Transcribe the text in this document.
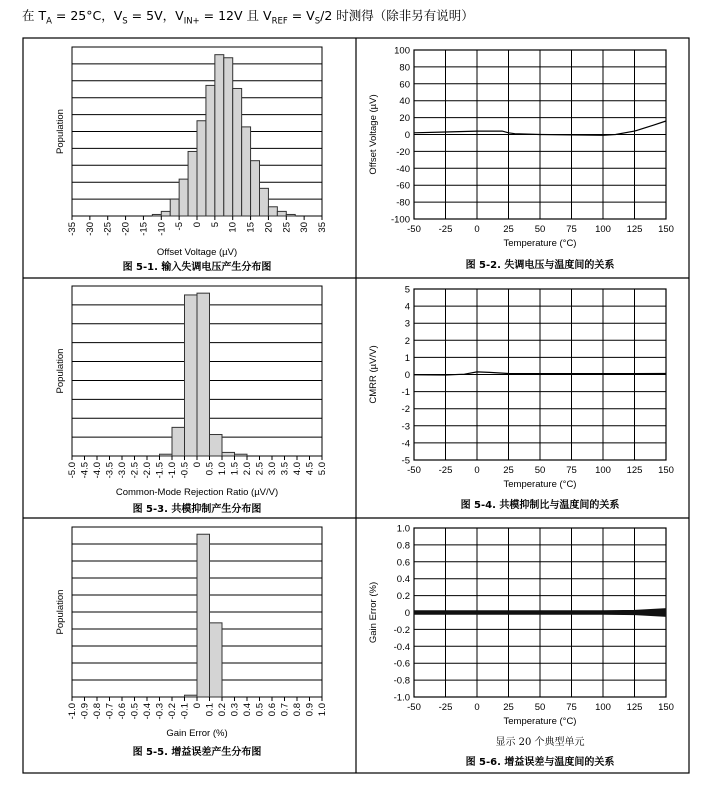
在 $T_A = 25^\circ C$，$V_S = 5V$，$V_{IN+} = 12V$ 且 $V_{REF} = V_S/2$ 时测得（除非另有说明）
-35 -30 -25 -20 -15 -10 -5 0 5 10 15 20 25 30 35
Offset Voltage (µV)
Population
图 5-1. 输入失调电压产生分布图
-50 -25 0 25 50 75 100 125 150
100
80
60
40
20
0
-20
-40
-60
-80
-100
Temperature (°C)
Offset Voltage (µV)
图 5-2. 失调电压与温度间的关系
-5.0 -4.5 -4.0 -3.5 -3.0 -2.5 -2.0 -1.5 -1.0 -0.5 0 0.5 1.0 1.5 2.0 2.5 3.0 3.5 4.0 4.5 5.0
Common-Mode Rejection Ratio (µV/V)
Population
图 5-3. 共模抑制产生分布图
-50 -25 0 25 50 75 100 125 150
5
4
3
2
1
0
-1
-2
-3
-4
-5
Temperature (°C)
CMRR (µV/V)
图 5-4. 共模抑制比与温度间的关系
-1.0 -0.9 -0.8 -0.7 -0.6 -0.5 -0.4 -0.3 -0.2 -0.1 0 0.1 0.2 0.3 0.4 0.5 0.6 0.7 0.8 0.9 1.0
Gain Error (%)
Population
图 5-5. 增益误差产生分布图
-50 -25 0 25 50 75 100 125 150
1.0
0.8
0.6
0.4
0.2
0
-0.2
-0.4
-0.6
-0.8
-1.0
Temperature (°C)
Gain Error (%)
图 5-6. 增益误差与温度间的关系
显示 20 个典型单元
